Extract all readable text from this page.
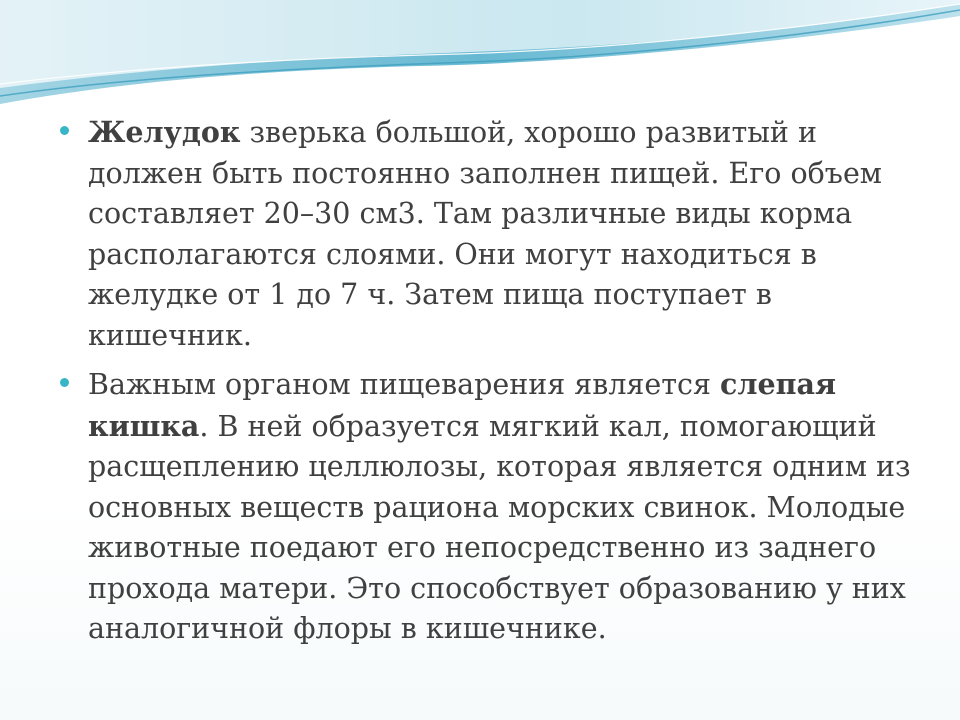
Желудок зверька большой, хорошо развитый и должен быть постоянно заполнен пищей. Его объем составляет 20–30 см3. Там различные виды корма располагаются слоями. Они могут находиться в желудке от 1 до 7 ч. Затем пища поступает в кишечник.
Важным органом пищеварения является слепая кишка. В ней образуется мягкий кал, помогающий расщеплению целлюлозы, которая является одним из основных веществ рациона морских свинок. Молодые животные поедают его непосредственно из заднего прохода матери. Это способствует образованию у них аналогичной флоры в кишечнике.
